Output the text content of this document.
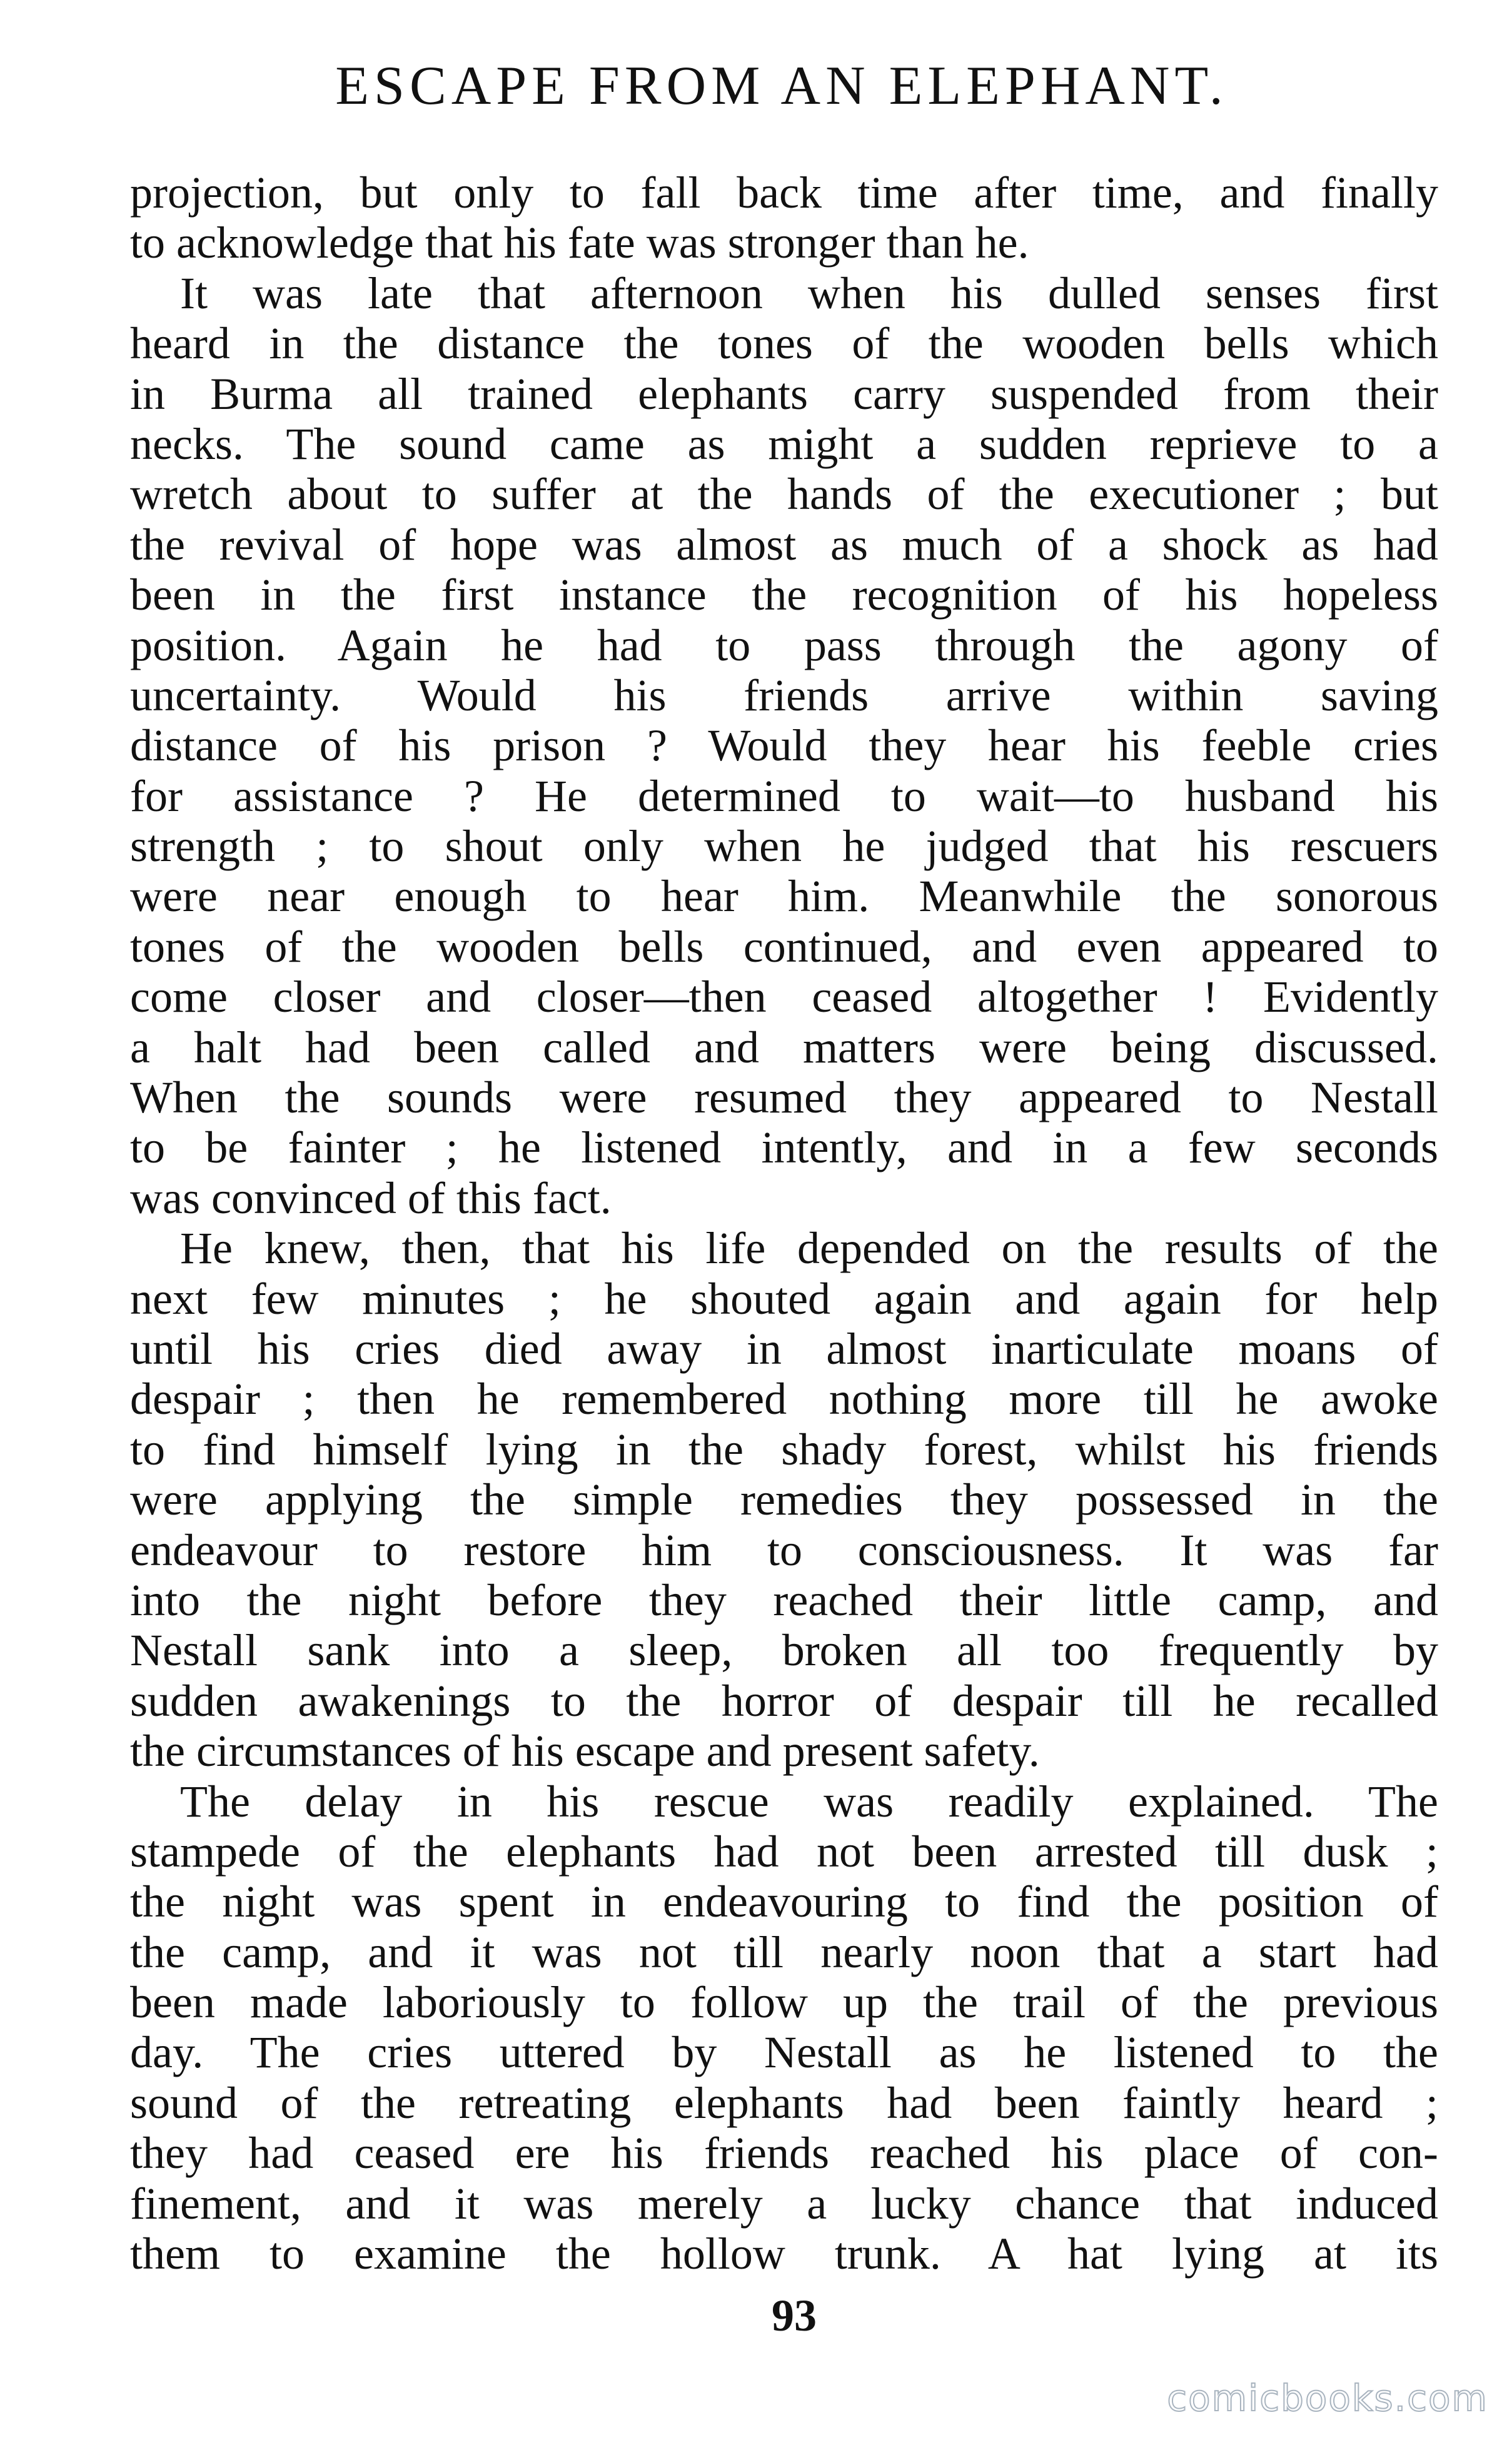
ESCAPE FROM AN ELEPHANT.
projection, but only to fall back time after time, and finally
to acknowledge that his fate was stronger than he.
It was late that afternoon when his dulled senses first
heard in the distance the tones of the wooden bells which
in Burma all trained elephants carry suspended from their
necks. The sound came as might a sudden reprieve to a
wretch about to suffer at the hands of the executioner ; but
the revival of hope was almost as much of a shock as had
been in the first instance the recognition of his hopeless
position. Again he had to pass through the agony of
uncertainty. Would his friends arrive within saving
distance of his prison ? Would they hear his feeble cries
for assistance ? He determined to wait—to husband his
strength ; to shout only when he judged that his rescuers
were near enough to hear him. Meanwhile the sonorous
tones of the wooden bells continued, and even appeared to
come closer and closer—then ceased altogether ! Evidently
a halt had been called and matters were being discussed.
When the sounds were resumed they appeared to Nestall
to be fainter ; he listened intently, and in a few seconds
was convinced of this fact.
He knew, then, that his life depended on the results of the
next few minutes ; he shouted again and again for help
until his cries died away in almost inarticulate moans of
despair ; then he remembered nothing more till he awoke
to find himself lying in the shady forest, whilst his friends
were applying the simple remedies they possessed in the
endeavour to restore him to consciousness. It was far
into the night before they reached their little camp, and
Nestall sank into a sleep, broken all too frequently by
sudden awakenings to the horror of despair till he recalled
the circumstances of his escape and present safety.
The delay in his rescue was readily explained. The
stampede of the elephants had not been arrested till dusk ;
the night was spent in endeavouring to find the position of
the camp, and it was not till nearly noon that a start had
been made laboriously to follow up the trail of the previous
day. The cries uttered by Nestall as he listened to the
sound of the retreating elephants had been faintly heard ;
they had ceased ere his friends reached his place of con-
finement, and it was merely a lucky chance that induced
them to examine the hollow trunk. A hat lying at its
93
comicbooks.com
